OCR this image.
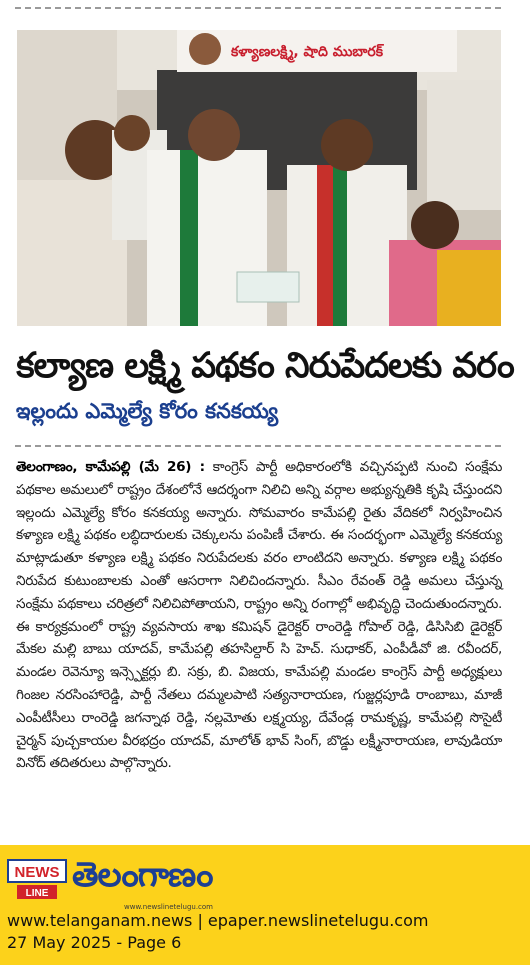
కళ్యాణలక్ష్మి, షాది ముబారక్
కల్యాణ లక్ష్మి పథకం నిరుపేదలకు వరం
ఇల్లందు ఎమ్మెల్యే కోరం కనకయ్య
తెలంగాణం, కామేపల్లి (మే 26) : కాంగ్రెస్ పార్టీ అధికారంలోకి వచ్చినప్పటి నుంచి సంక్షేమ పథకాల అమలులో రాష్ట్రం దేశంలోనే ఆదర్శంగా నిలిచి అన్ని వర్గాల అభ్యున్నతికి కృషి చేస్తుందని ఇల్లందు ఎమ్మెల్యే కోరం కనకయ్య అన్నారు. సోమవారం కామేపల్లి రైతు వేదికలో నిర్వహించిన కళ్యాణ లక్ష్మి పథకం లబ్ధిదారులకు చెక్కులను పంపిణీ చేశారు. ఈ సందర్భంగా ఎమ్మెల్యే కనకయ్య మాట్లాడుతూ కళ్యాణ లక్ష్మి పథకం నిరుపేదలకు వరం లాంటిదని అన్నారు. కళ్యాణ లక్ష్మి పథకం నిరుపేద కుటుంబాలకు ఎంతో ఆసరాగా నిలిచిందన్నారు. సీఎం రేవంత్ రెడ్డి అమలు చేస్తున్న సంక్షేమ పథకాలు చరిత్రలో నిలిచిపోతాయని, రాష్ట్రం అన్ని రంగాల్లో అభివృద్ధి చెందుతుందన్నారు. ఈ కార్యక్రమంలో రాష్ట్ర వ్యవసాయ శాఖ కమిషన్ డైరెక్టర్ రాంరెడ్డి గోపాల్ రెడ్డి, డిసిసిబి డైరెక్టర్ మేకల మల్లి బాబు యాదవ్, కామేపల్లి తహసిల్దార్ సి హెచ్. సుధాకర్, ఎంపీడీవో జి. రవీందర్, మండల రెవెన్యూ ఇన్స్పెక్టర్లు బి. సక్రు, బి. విజయ, కామేపల్లి మండల కాంగ్రెస్ పార్టీ అధ్యక్షులు గింజల నరసింహారెడ్డి, పార్టీ నేతలు దమ్మలపాటి సత్యనారాయణ, గుజ్జర్లపూడి రాంబాబు, మాజీ ఎంపీటీసీలు రాంరెడ్డి జగన్నాథ రెడ్డి, నల్లమోతు లక్ష్మయ్య, దేవేండ్ల రామకృష్ణ, కామేపల్లి సొసైటీ చైర్మన్ పుచ్చకాయల వీరభద్రం యాదవ్, మాలోత్ భావ్ సింగ్, బొడ్డు లక్ష్మీనారాయణ, లావుడియా వినోద్ తదితరులు పాల్గొన్నారు.
NEWS
LINE తెలంగాణం
www.newslinetelugu.com
www.telanganam.news | epaper.newslinetelugu.com
27 May 2025 - Page 6
